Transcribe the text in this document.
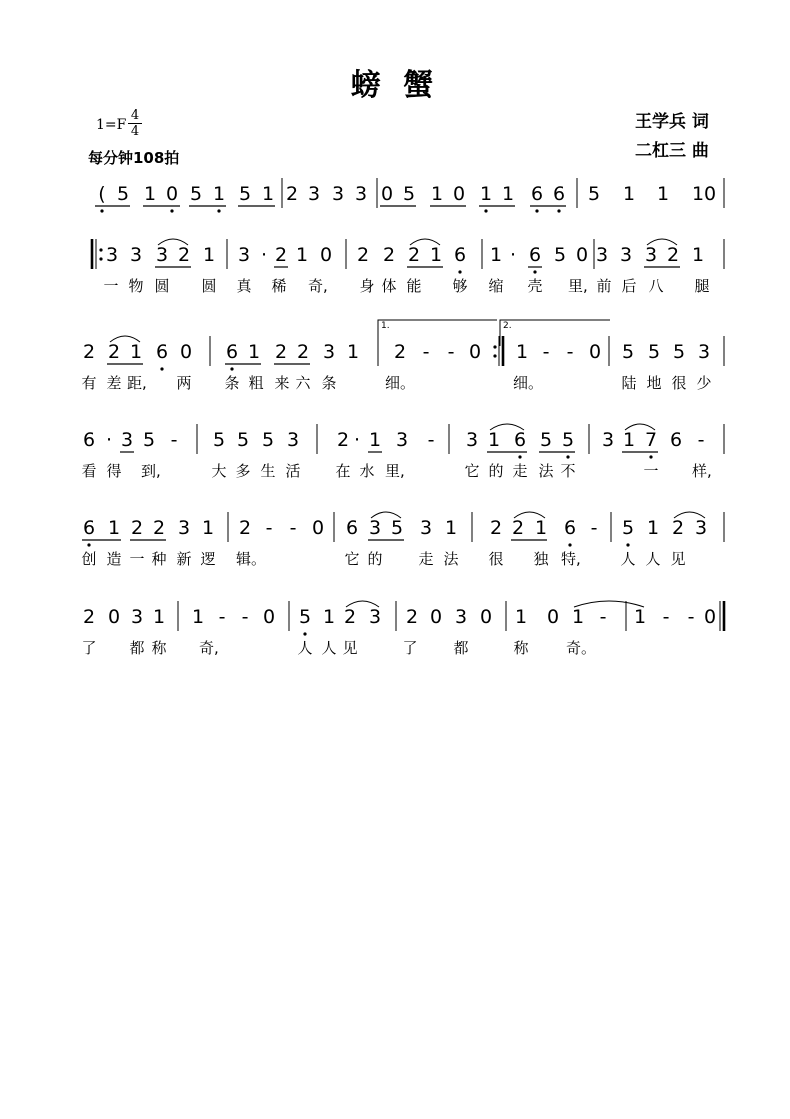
螃 蟹
$1=F \frac{4}{4}$
每分钟108拍
王学兵 词
二杠三 曲
( 5 1 0 5 1 5 1 2 3 3 3 0 5 1 0 1 1 6 6 5 1 1 1 0
3 3 3 2 1 3 · 2 1 0 2 2 2 1 6 1 · 6 5 0 3 3 3 2 1
一 物 圆 圆 真 稀 奇, 身 体 能 够 缩 壳 里, 前 后 八 腿
2 2 1 6 0 6 1 2 2 3 1 2 - - 0 1 - - 0 5 5 5 3
有 差 距, 两 条 粗 来 六 条	细。	细。	陆 地 很 少
1.	2.
6 · 3 5 - 5 5 5 3 2 · 1 3 - 3 1 6 5 5 3 1 7 6 -
看 得 到,	大 多 生 活 在 水 里,	它 的 走 法 不	一 样,
6 1 2 2 3 1 2 - - 0 6 3 5 3 1 2 2 1 6 - 5 1 2 3
创 造 一 种 新 逻 辑。	它 的 走 法 很 独 特,	人 人 见
2 0 3 1 1 - - 0 5 1 2 3 2 0 3 0 1 0 1 - 1 - - 0
了 都 称 奇,	人 人 见	了 都	称	奇。
